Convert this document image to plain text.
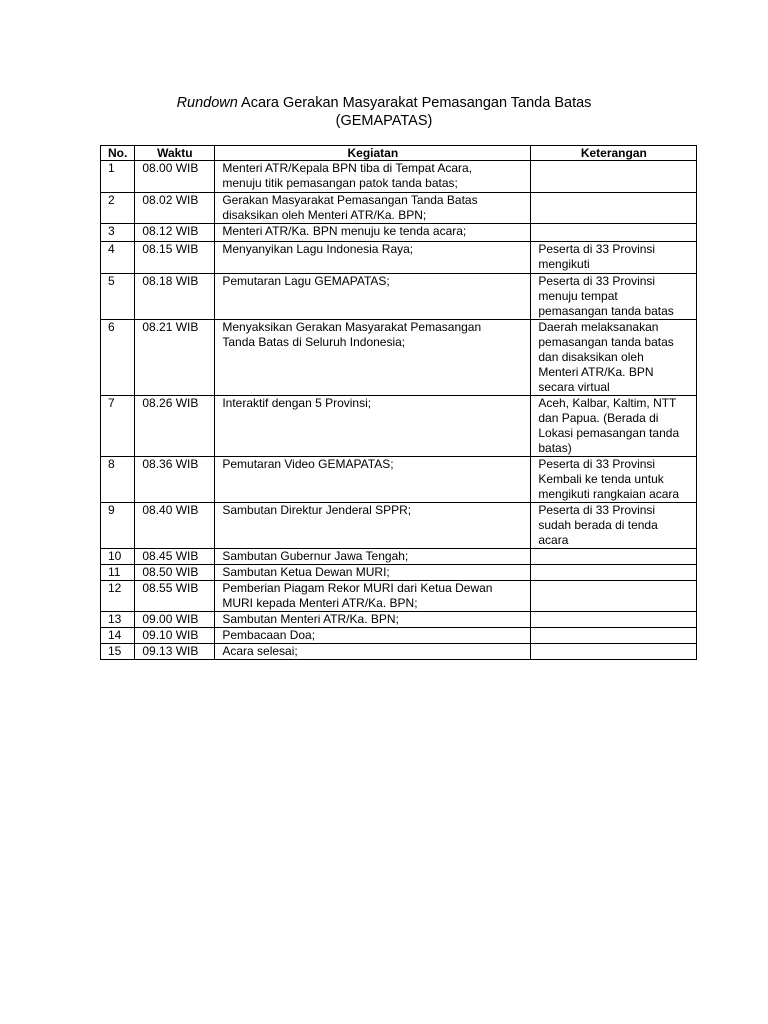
Rundown Acara Gerakan Masyarakat Pemasangan Tanda Batas
(GEMAPATAS)
No.	Waktu	Kegiatan	Keterangan
1	08.00 WIB	Menteri ATR/Kepala BPN tiba di Tempat Acara,
menuju titik pemasangan patok tanda batas;	
2	08.02 WIB	Gerakan Masyarakat Pemasangan Tanda Batas
disaksikan oleh Menteri ATR/Ka. BPN;	
3	08.12 WIB	Menteri ATR/Ka. BPN menuju ke tenda acara;	
4	08.15 WIB	Menyanyikan Lagu Indonesia Raya;	Peserta di 33 Provinsi
mengikuti
5	08.18 WIB	Pemutaran Lagu GEMAPATAS;	Peserta di 33 Provinsi
menuju tempat
pemasangan tanda batas
6	08.21 WIB	Menyaksikan Gerakan Masyarakat Pemasangan
Tanda Batas di Seluruh Indonesia;	Daerah melaksanakan
pemasangan tanda batas
dan disaksikan oleh
Menteri ATR/Ka. BPN
secara virtual
7	08.26 WIB	Interaktif dengan 5 Provinsi;	Aceh, Kalbar, Kaltim, NTT
dan Papua. (Berada di
Lokasi pemasangan tanda
batas)
8	08.36 WIB	Pemutaran Video GEMAPATAS;	Peserta di 33 Provinsi
Kembali ke tenda untuk
mengikuti rangkaian acara
9	08.40 WIB	Sambutan Direktur Jenderal SPPR;	Peserta di 33 Provinsi
sudah berada di tenda
acara
10	08.45 WIB	Sambutan Gubernur Jawa Tengah;	
11	08.50 WIB	Sambutan Ketua Dewan MURI;	
12	08.55 WIB	Pemberian Piagam Rekor MURI dari Ketua Dewan
MURI kepada Menteri ATR/Ka. BPN;	
13	09.00 WIB	Sambutan Menteri ATR/Ka. BPN;	
14	09.10 WIB	Pembacaan Doa;	
15	09.13 WIB	Acara selesai;	
